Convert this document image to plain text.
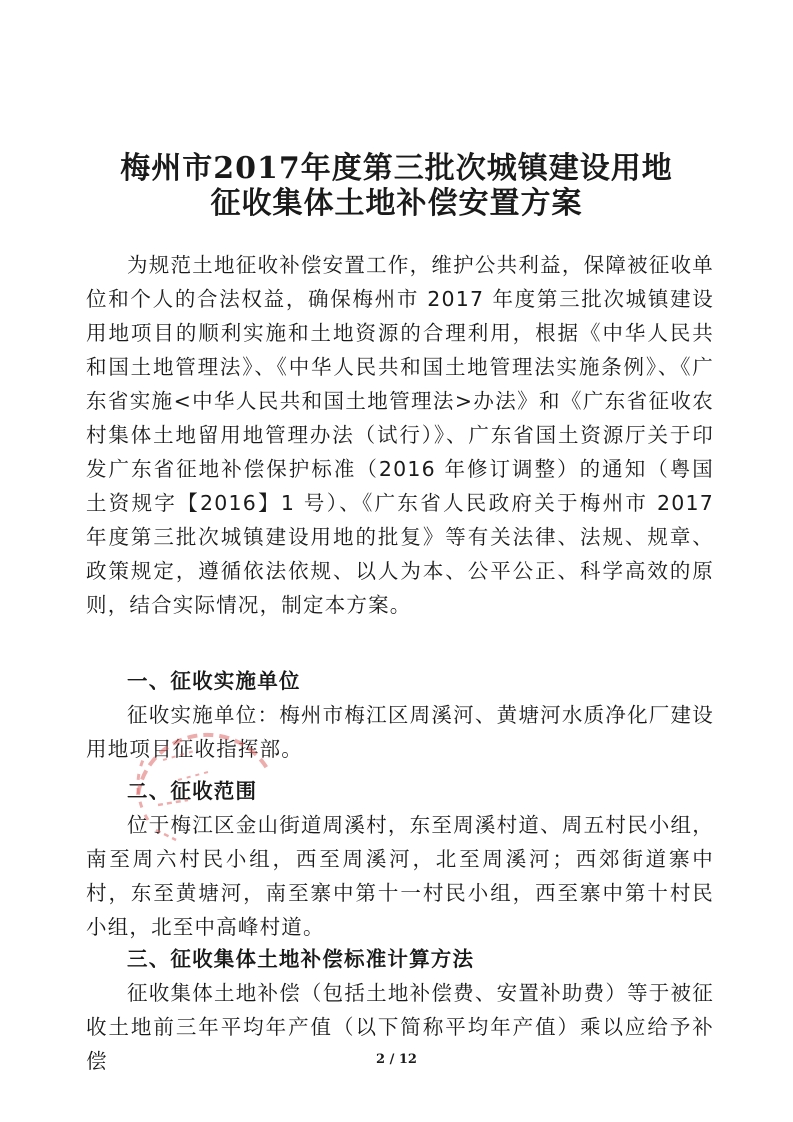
梅州市2017年度第三批次城镇建设用地
征收集体土地补偿安置方案
为规范土地征收补偿安置工作，维护公共利益，保障被征收单位和个人的合法权益，确保梅州市 2017 年度第三批次城镇建设用地项目的顺利实施和土地资源的合理利用，根据《中华人民共和国土地管理法》、《中华人民共和国土地管理法实施条例》、《广东省实施<中华人民共和国土地管理法>办法》和《广东省征收农村集体土地留用地管理办法（试行）》、广东省国土资源厅关于印发广东省征地补偿保护标准（2016 年修订调整）的通知（粤国土资规字【2016】1 号）、《广东省人民政府关于梅州市 2017 年度第三批次城镇建设用地的批复》等有关法律、法规、规章、政策规定，遵循依法依规、以人为本、公平公正、科学高效的原则，结合实际情况，制定本方案。
一、征收实施单位
征收实施单位：梅州市梅江区周溪河、黄塘河水质净化厂建设用地项目征收指挥部。
二、征收范围
位于梅江区金山街道周溪村，东至周溪村道、周五村民小组，南至周六村民小组，西至周溪河，北至周溪河；西郊街道寨中村，东至黄塘河，南至寨中第十一村民小组，西至寨中第十村民小组，北至中高峰村道。
三、征收集体土地补偿标准计算方法
征收集体土地补偿（包括土地补偿费、安置补助费）等于被征收土地前三年平均年产值（以下简称平均年产值）乘以应给予补偿	2 / 12
